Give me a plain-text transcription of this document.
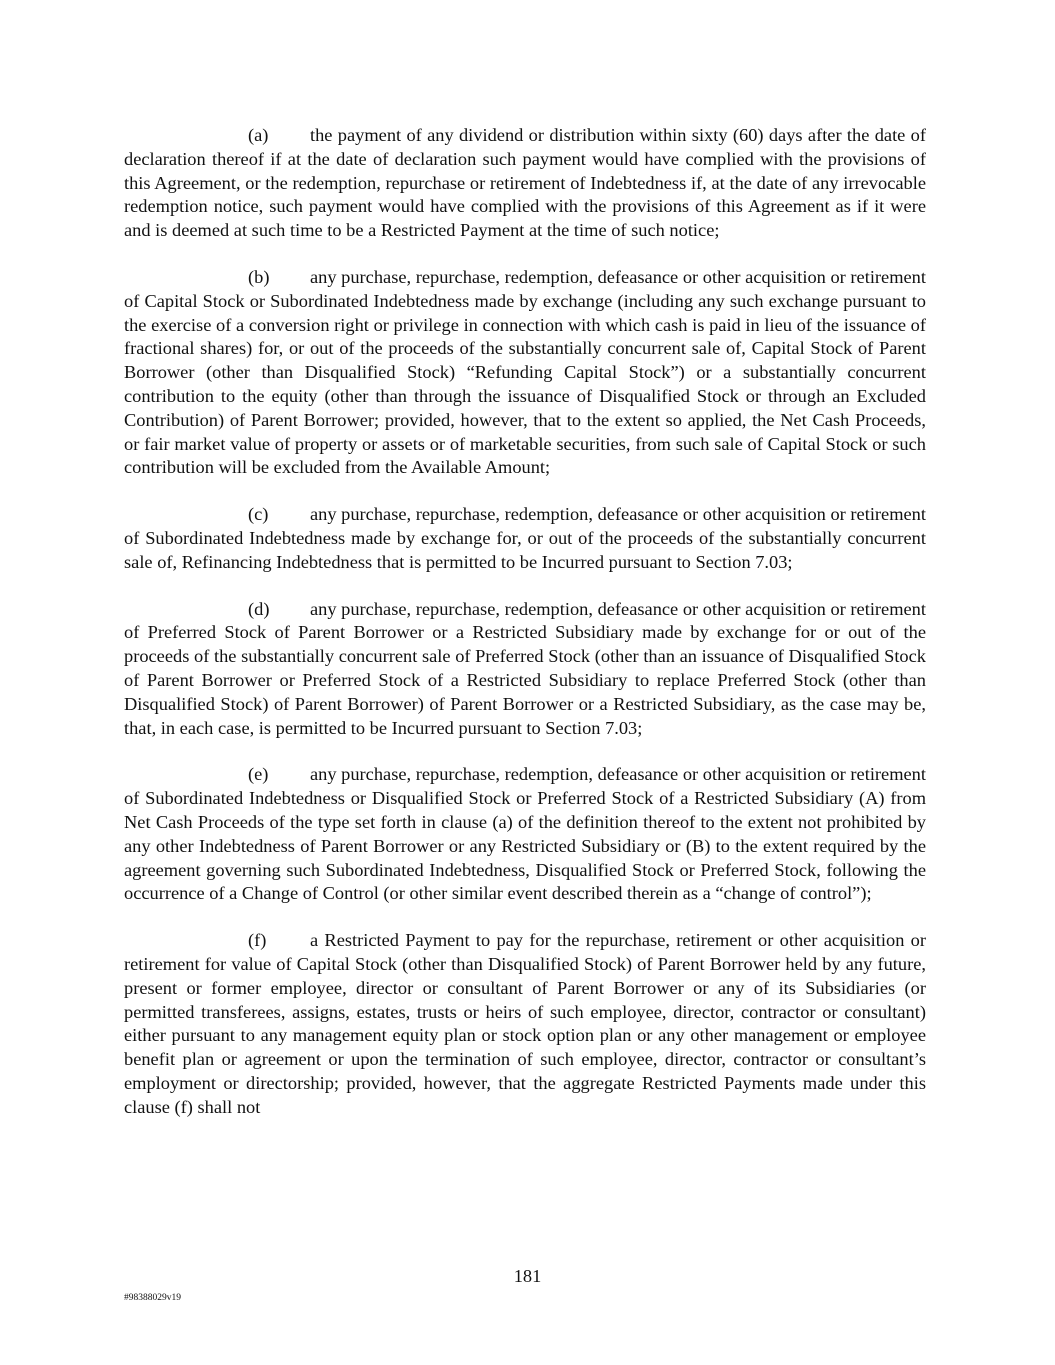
(a) the payment of any dividend or distribution within sixty (60) days after the date of declaration thereof if at the date of declaration such payment would have complied with the provisions of this Agreement, or the redemption, repurchase or retirement of Indebtedness if, at the date of any irrevocable redemption notice, such payment would have complied with the provisions of this Agreement as if it were and is deemed at such time to be a Restricted Payment at the time of such notice;

(b) any purchase, repurchase, redemption, defeasance or other acquisition or retirement of Capital Stock or Subordinated Indebtedness made by exchange (including any such exchange pursuant to the exercise of a conversion right or privilege in connection with which cash is paid in lieu of the issuance of fractional shares) for, or out of the proceeds of the substantially concurrent sale of, Capital Stock of Parent Borrower (other than Disqualified Stock) “Refunding Capital Stock”) or a substantially concurrent contribution to the equity (other than through the issuance of Disqualified Stock or through an Excluded Contribution) of Parent Borrower; provided, however, that to the extent so applied, the Net Cash Proceeds, or fair market value of property or assets or of marketable securities, from such sale of Capital Stock or such contribution will be excluded from the Available Amount;

(c) any purchase, repurchase, redemption, defeasance or other acquisition or retirement of Subordinated Indebtedness made by exchange for, or out of the proceeds of the substantially concurrent sale of, Refinancing Indebtedness that is permitted to be Incurred pursuant to Section 7.03;

(d) any purchase, repurchase, redemption, defeasance or other acquisition or retirement of Preferred Stock of Parent Borrower or a Restricted Subsidiary made by exchange for or out of the proceeds of the substantially concurrent sale of Preferred Stock (other than an issuance of Disqualified Stock of Parent Borrower or Preferred Stock of a Restricted Subsidiary to replace Preferred Stock (other than Disqualified Stock) of Parent Borrower) of Parent Borrower or a Restricted Subsidiary, as the case may be, that, in each case, is permitted to be Incurred pursuant to Section 7.03;

(e) any purchase, repurchase, redemption, defeasance or other acquisition or retirement of Subordinated Indebtedness or Disqualified Stock or Preferred Stock of a Restricted Subsidiary (A) from Net Cash Proceeds of the type set forth in clause (a) of the definition thereof to the extent not prohibited by any other Indebtedness of Parent Borrower or any Restricted Subsidiary or (B) to the extent required by the agreement governing such Subordinated Indebtedness, Disqualified Stock or Preferred Stock, following the occurrence of a Change of Control (or other similar event described therein as a “change of control”);

(f) a Restricted Payment to pay for the repurchase, retirement or other acquisition or retirement for value of Capital Stock (other than Disqualified Stock) of Parent Borrower held by any future, present or former employee, director or consultant of Parent Borrower or any of its Subsidiaries (or permitted transferees, assigns, estates, trusts or heirs of such employee, director, contractor or consultant) either pursuant to any management equity plan or stock option plan or any other management or employee benefit plan or agreement or upon the termination of such employee, director, contractor or consultant’s employment or directorship; provided, however, that the aggregate Restricted Payments made under this clause (f) shall not

181
#98388029v19
